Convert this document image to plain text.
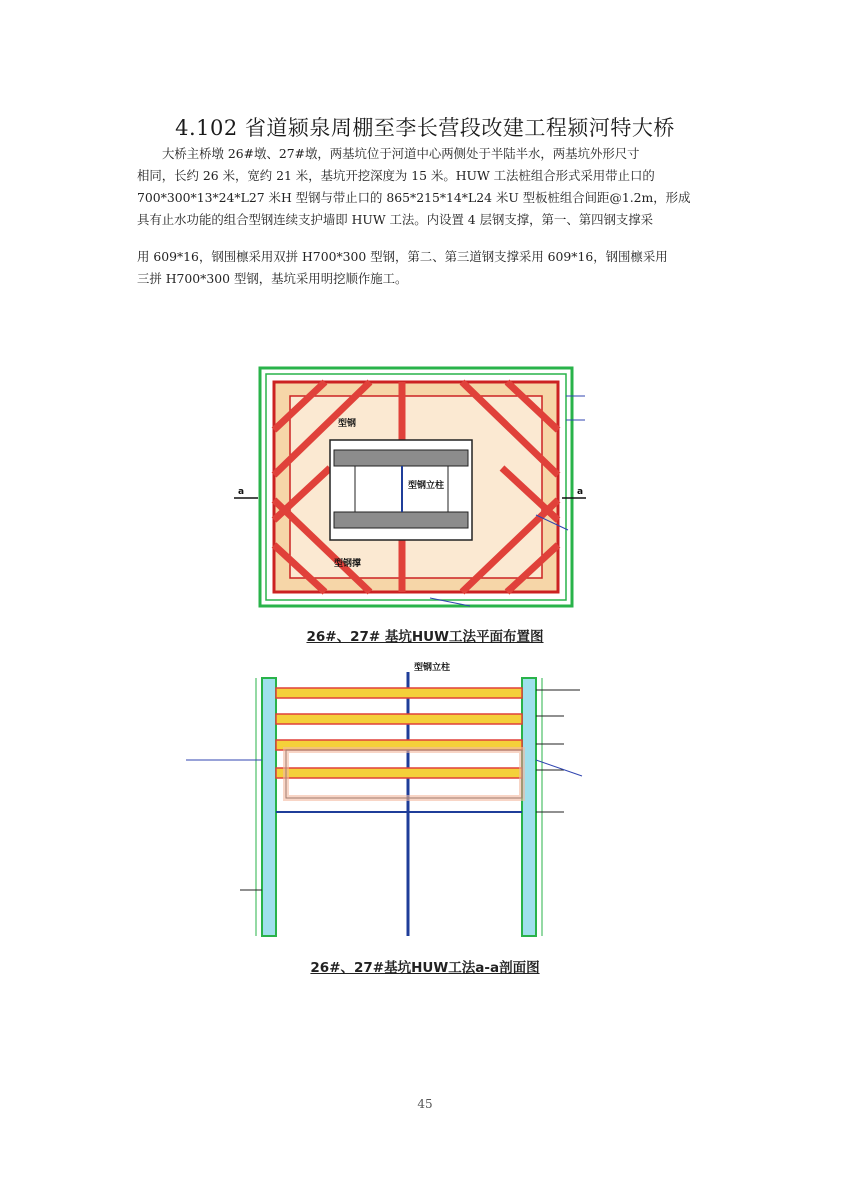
4.102 省道颍泉周棚至李长营段改建工程颍河特大桥
大桥主桥墩 26#墩、27#墩，两基坑位于河道中心两侧处于半陆半水，两基坑外形尺寸
相同，长约 26 米，宽约 21 米，基坑开挖深度为 15 米。HUW 工法桩组合形式采用带止口的
700*300*13*24*L27 米H 型钢与带止口的 865*215*14*L24 米U 型板桩组合间距@1.2m，形成
具有止水功能的组合型钢连续支护墙即 HUW 工法。内设置 4 层钢支撑，第一、第四钢支撑采
用 609*16，钢围檩采用双拼 H700*300 型钢，第二、第三道钢支撑采用 609*16，钢围檩采用
三拼 H700*300 型钢，基坑采用明挖顺作施工。
型钢立柱
型钢
型钢撑
a	a
26#、27# 基坑HUW工法平面布置图
型钢立柱
26#、27#基坑HUW工法a-a剖面图
45
